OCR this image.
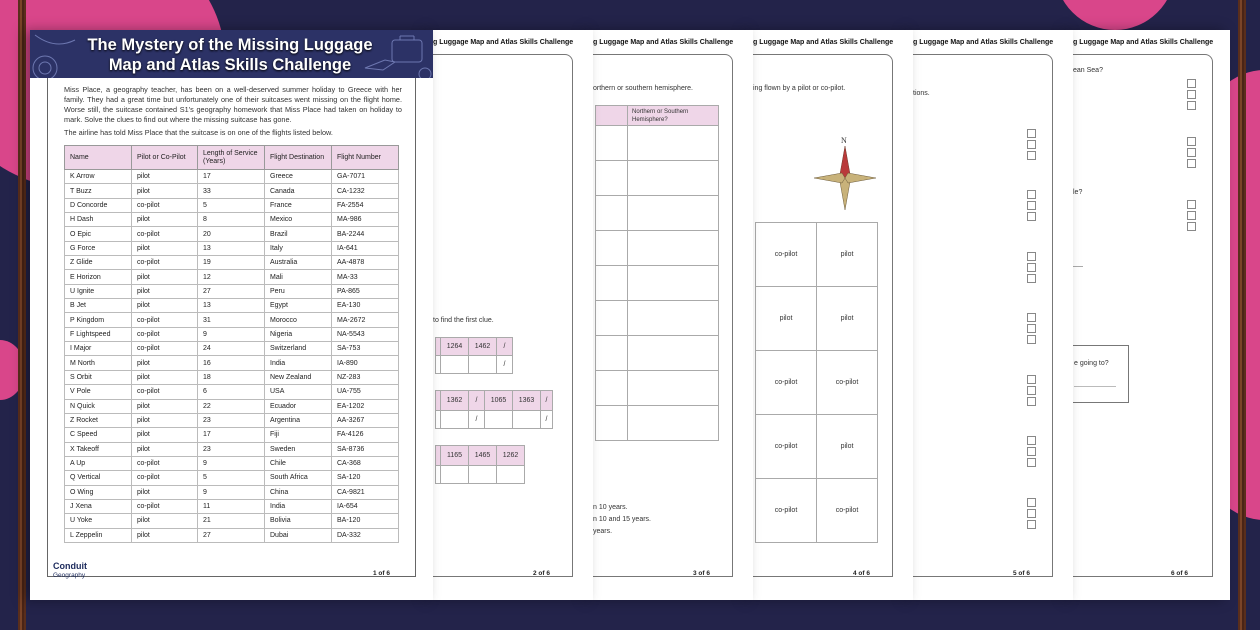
The Mystery of the Missing Luggage
Map and Atlas Skills Challenge
Miss Place, a geography teacher, has been on a well-deserved summer holiday to Greece with her family. They had a great time but unfortunately one of their suitcases went missing on the flight home. Worse still, the suitcase contained S1's geography homework that Miss Place had taken on holiday to mark. Solve the clues to find out where the missing suitcase has gone.
The airline has told Miss Place that the suitcase is on one of the flights listed below.
Name	Pilot or Co-Pilot	Length of Service (Years)	Flight Destination	Flight Number
K Arrow	pilot	17	Greece	GA-7071
T Buzz	pilot	33	Canada	CA-1232
D Concorde	co-pilot	5	France	FA-2554
H Dash	pilot	8	Mexico	MA-986
O Epic	co-pilot	20	Brazil	BA-2244
G Force	pilot	13	Italy	IA-641
Z Glide	co-pilot	19	Australia	AA-4878
E Horizon	pilot	12	Mali	MA-33
U Ignite	pilot	27	Peru	PA-865
B Jet	pilot	13	Egypt	EA-130
P Kingdom	co-pilot	31	Morocco	MA-2672
F Lightspeed	co-pilot	9	Nigeria	NA-5543
I Major	co-pilot	24	Switzerland	SA-753
M North	pilot	16	India	IA-890
S Orbit	pilot	18	New Zealand	NZ-283
V Pole	co-pilot	6	USA	UA-755
N Quick	pilot	22	Ecuador	EA-1202
Z Rocket	pilot	23	Argentina	AA-3267
C Speed	pilot	17	Fiji	FA-4126
X Takeoff	pilot	23	Sweden	SA-8736
A Up	co-pilot	9	Chile	CA-368
Q Vertical	co-pilot	5	South Africa	SA-120
O Wing	pilot	9	China	CA-9821
J Xena	co-pilot	11	India	IA-654
U Yoke	pilot	21	Bolivia	BA-120
L Zeppelin	pilot	27	Dubai	DA-332
Conduit
Geography	1 of 6
g Luggage Map and Atlas Skills Challenge
to find the first clue.
	1264	1462	/
			/
	1362	/	1065	1363	/
		/			/
	1165	1465	1262

2 of 6
g Luggage Map and Atlas Skills Challenge
orthern or southern hemisphere.
	Northern or Southern Hemisphere?

n 10 years.
n 10 and 15 years.
years.
3 of 6
g Luggage Map and Atlas Skills Challenge
ing flown by a pilot or co-pilot.
N
co-pilot	pilot
pilot	pilot
co-pilot	co-pilot
co-pilot	pilot
co-pilot	co-pilot
4 of 6
g Luggage Map and Atlas Skills Challenge
tions.
5 of 6
g Luggage Map and Atlas Skills Challenge
ean Sea?
le?
e going to?
6 of 6
